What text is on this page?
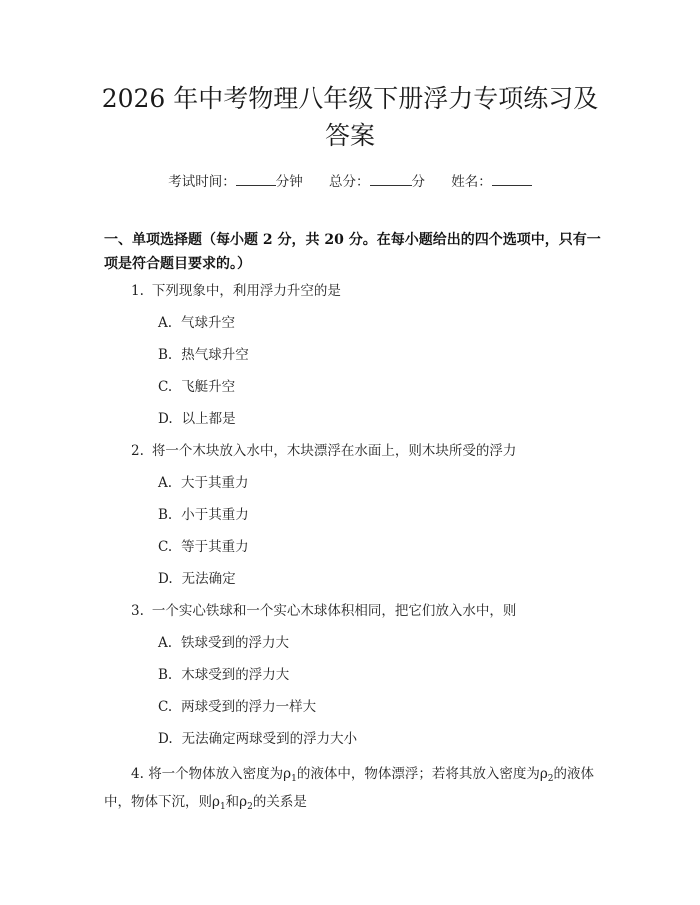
2026 年中考物理八年级下册浮力专项练习及
答案
考试时间：	分钟 总分：	分 姓名：

一、单项选择题（每小题 2 分，共 20 分。在每小题给出的四个选项中，只有一项是符合题目要求的。）

1. 下列现象中，利用浮力升空的是
A. 气球升空
B. 热气球升空
C. 飞艇升空
D. 以上都是
2. 将一个木块放入水中，木块漂浮在水面上，则木块所受的浮力
A. 大于其重力
B. 小于其重力
C. 等于其重力
D. 无法确定
3. 一个实心铁球和一个实心木球体积相同，把它们放入水中，则
A. 铁球受到的浮力大
B. 木球受到的浮力大
C. 两球受到的浮力一样大
D. 无法确定两球受到的浮力大小
4. 将一个物体放入密度为$\rho_1$的液体中，物体漂浮；若将其放入密度为$\rho_2$的液体中，物体下沉，则$\rho_1$和$\rho_2$的关系是
